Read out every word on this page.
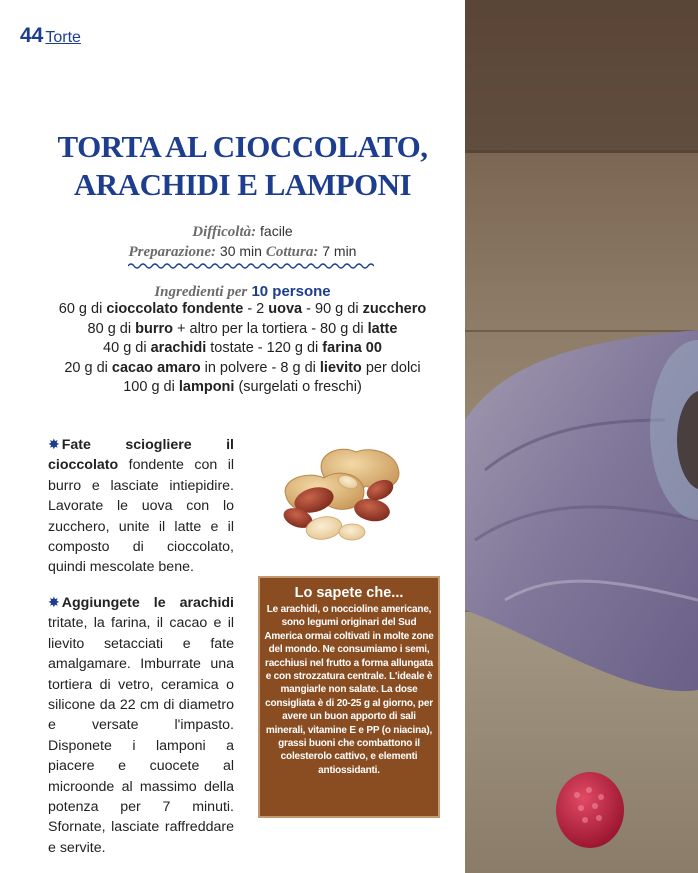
44 Torte
TORTA AL CIOCCOLATO,
ARACHIDI E LAMPONI
Difficoltà: facile
Preparazione: 30 min Cottura: 7 min
Ingredienti per 10 persone
60 g di cioccolato fondente - 2 uova - 90 g di zucchero
80 g di burro + altro per la tortiera - 80 g di latte
40 g di arachidi tostate - 120 g di farina 00
20 g di cacao amaro in polvere - 8 g di lievito per dolci
100 g di lamponi (surgelati o freschi)
✸ Fate sciogliere il cioccolato fondente con il burro e lasciate intiepidire. Lavorate le uova con lo zucchero, unite il latte e il composto di cioccolato, quindi mescolate bene.
✸ Aggiungete le arachidi tritate, la farina, il cacao e il lievito setacciati e fate amalgamare. Imburrate una tortiera di vetro, ceramica o silicone da 22 cm di diametro e versate l'impasto. Disponete i lamponi a piacere e cuocete al microonde al massimo della potenza per 7 minuti. Sfornate, lasciate raffreddare e servite.
Lo sapete che...
Le arachidi, o noccioline americane, sono legumi originari del Sud America ormai coltivati in molte zone del mondo. Ne consumiamo i semi, racchiusi nel frutto a forma allungata e con strozzatura centrale. L'ideale è mangiarle non salate. La dose consigliata è di 20-25 g al giorno, per avere un buon apporto di sali minerali, vitamine E e PP (o niacina), grassi buoni che combattono il colesterolo cattivo, e elementi antiossidanti.
